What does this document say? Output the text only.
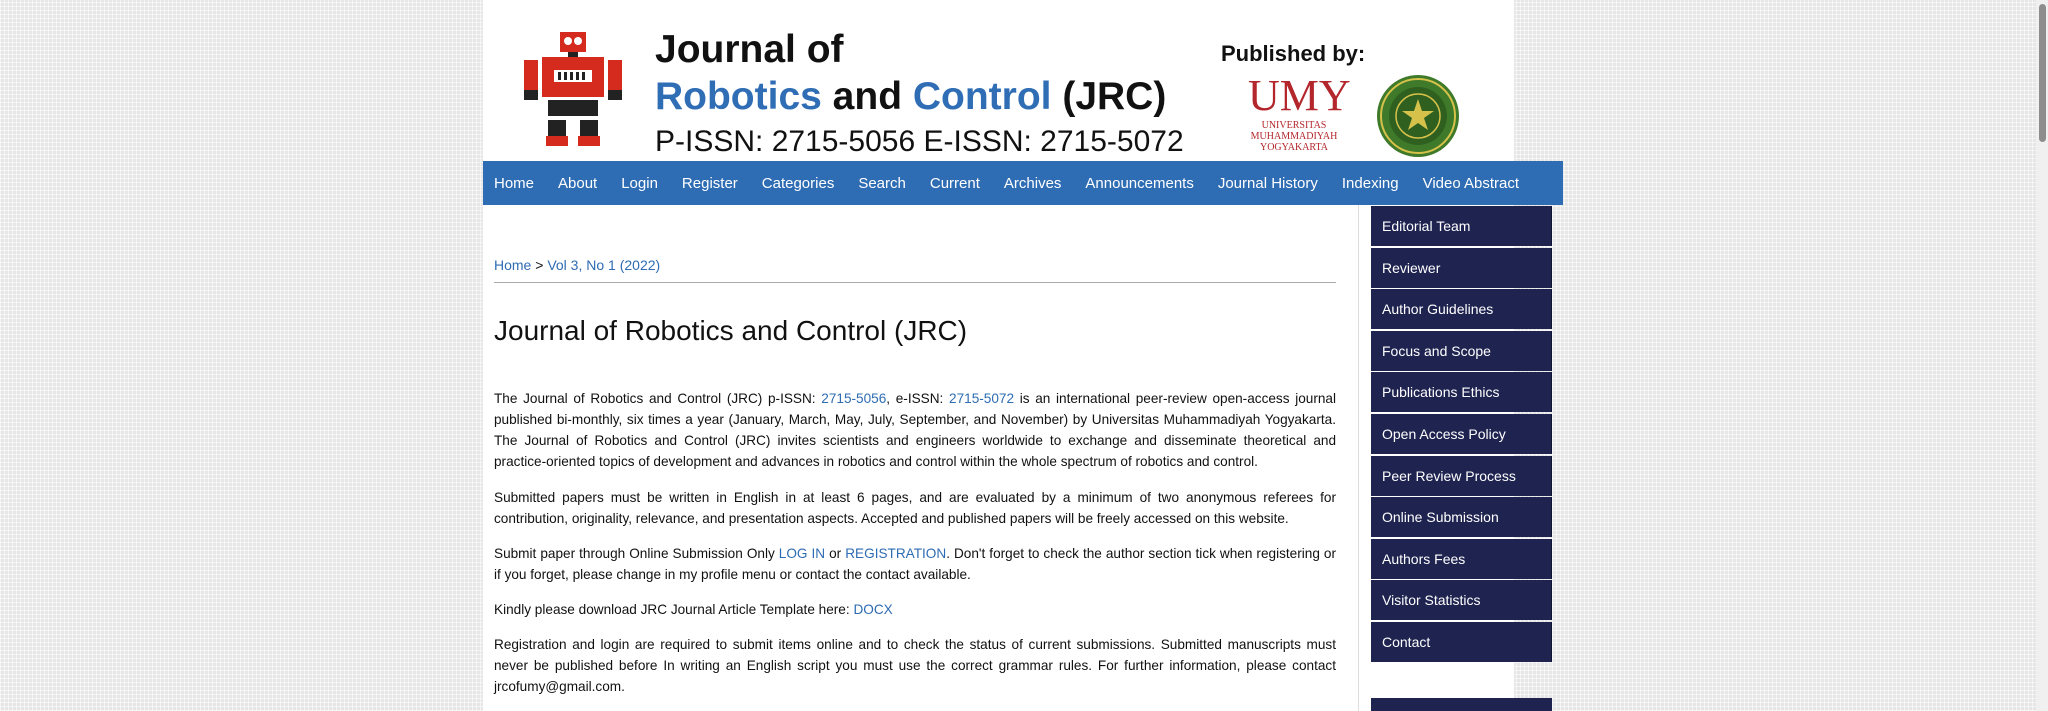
Journal of
Robotics and Control (JRC)
P-ISSN: 2715-5056 E-ISSN: 2715-5072
Published by:
UMY
UNIVERSITAS
MUHAMMADIYAH
YOGYAKARTA
Home	About	Login	Register	Categories	Search	Current	Archives	Announcements	Journal History	Indexing	Video Abstract
Home > Vol 3, No 1 (2022)
Journal of Robotics and Control (JRC)

The Journal of Robotics and Control (JRC) p-ISSN: 2715-5056, e-ISSN: 2715-5072 is an international peer-review open-access journal published bi-monthly, six times a year (January, March, May, July, September, and November) by Universitas Muhammadiyah Yogyakarta. The Journal of Robotics and Control (JRC) invites scientists and engineers worldwide to exchange and disseminate theoretical and practice-oriented topics of development and advances in robotics and control within the whole spectrum of robotics and control.

Submitted papers must be written in English in at least 6 pages, and are evaluated by a minimum of two anonymous referees for contribution, originality, relevance, and presentation aspects. Accepted and published papers will be freely accessed on this website.

Submit paper through Online Submission Only LOG IN or REGISTRATION. Don't forget to check the author section tick when registering or if you forget, please change in my profile menu or contact the contact available.

Kindly please download JRC Journal Article Template here: DOCX

Registration and login are required to submit items online and to check the status of current submissions. Submitted manuscripts must never be published before In writing an English script you must use the correct grammar rules. For further information, please contact jrcofumy@gmail.com.

Editorial Team
Reviewer
Author Guidelines
Focus and Scope
Publications Ethics
Open Access Policy
Peer Review Process
Online Submission
Authors Fees
Visitor Statistics
Contact
